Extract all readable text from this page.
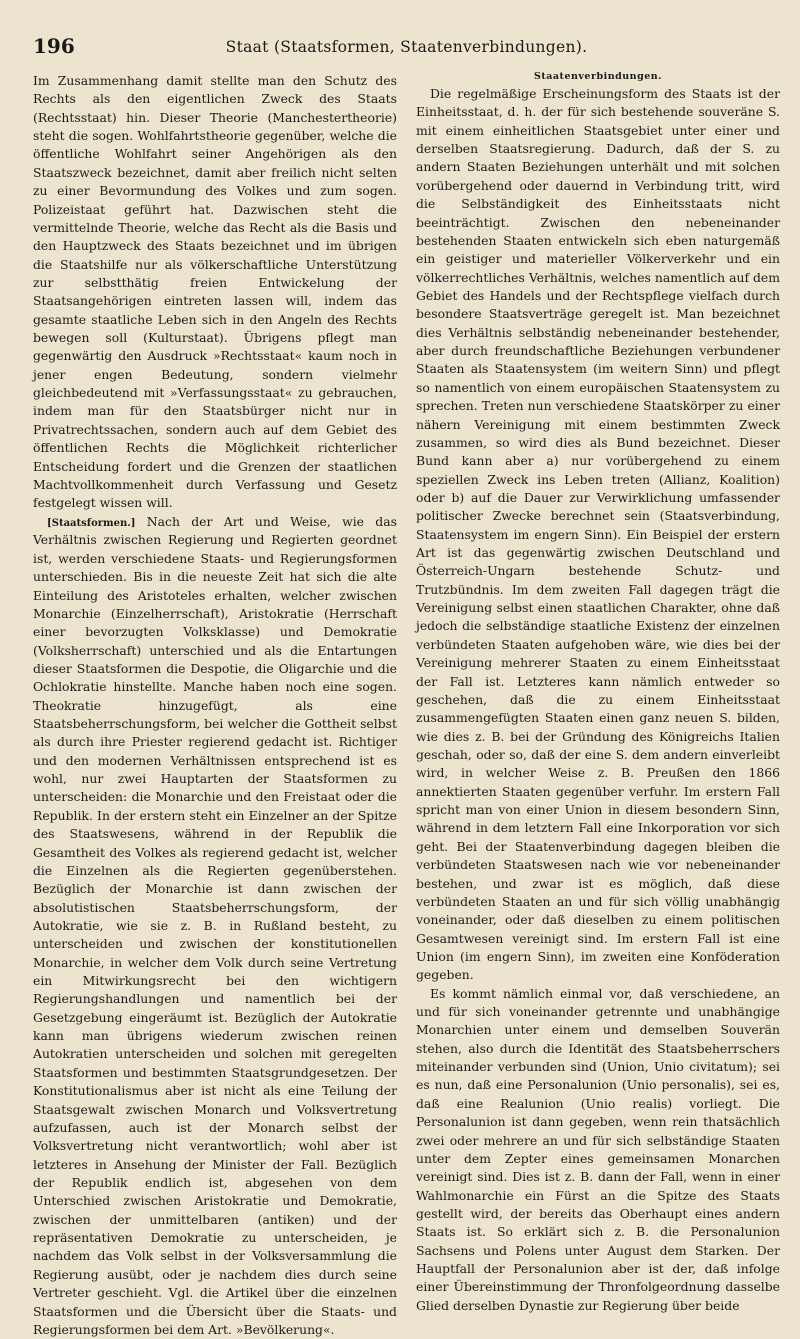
196	Staat (Staatsformen, Staatenverbindungen).

Im Zusammenhang damit stellte man den Schutz des Rechts als den eigentlichen Zweck des Staats (Rechtsstaat) hin. Dieser Theorie (Manchestertheorie) steht die sogen. Wohlfahrtstheorie gegenüber, welche die öffentliche Wohlfahrt seiner Angehörigen als den Staatszweck bezeichnet, damit aber freilich nicht selten zu einer Bevormundung des Volkes und zum sogen. Polizeistaat geführt hat. Dazwischen steht die vermittelnde Theorie, welche das Recht als die Basis und den Hauptzweck des Staats bezeichnet und im übrigen die Staatshilfe nur als völkerschaftliche Unterstützung zur selbstthätig freien Entwickelung der Staatsangehörigen eintreten lassen will, indem das gesamte staatliche Leben sich in den Angeln des Rechts bewegen soll (Kulturstaat). Übrigens pflegt man gegenwärtig den Ausdruck »Rechtsstaat« kaum noch in jener engen Bedeutung, sondern vielmehr gleichbedeutend mit »Verfassungsstaat« zu gebrauchen, indem man für den Staatsbürger nicht nur in Privatrechtssachen, sondern auch auf dem Gebiet des öffentlichen Rechts die Möglichkeit richterlicher Entscheidung fordert und die Grenzen der staatlichen Machtvollkommenheit durch Verfassung und Gesetz festgelegt wissen will.

[Staatsformen.] Nach der Art und Weise, wie das Verhältnis zwischen Regierung und Regierten geordnet ist, werden verschiedene Staats- und Regierungsformen unterschieden. Bis in die neueste Zeit hat sich die alte Einteilung des Aristoteles erhalten, welcher zwischen Monarchie (Einzelherrschaft), Aristokratie (Herrschaft einer bevorzugten Volksklasse) und Demokratie (Volksherrschaft) unterschied und als die Entartungen dieser Staatsformen die Despotie, die Oligarchie und die Ochlokratie hinstellte. Manche haben noch eine sogen. Theokratie hinzugefügt, als eine Staatsbeherrschungsform, bei welcher die Gottheit selbst als durch ihre Priester regierend gedacht ist. Richtiger und den modernen Verhältnissen entsprechend ist es wohl, nur zwei Hauptarten der Staatsformen zu unterscheiden: die Monarchie und den Freistaat oder die Republik. In der erstern steht ein Einzelner an der Spitze des Staatswesens, während in der Republik die Gesamtheit des Volkes als regierend gedacht ist, welcher die Einzelnen als die Regierten gegenüberstehen. Bezüglich der Monarchie ist dann zwischen der absolutistischen Staatsbeherrschungsform, der Autokratie, wie sie z. B. in Rußland besteht, zu unterscheiden und zwischen der konstitutionellen Monarchie, in welcher dem Volk durch seine Vertretung ein Mitwirkungsrecht bei den wichtigern Regierungshandlungen und namentlich bei der Gesetzgebung eingeräumt ist. Bezüglich der Autokratie kann man übrigens wiederum zwischen reinen Autokratien unterscheiden und solchen mit geregelten Staatsformen und bestimmten Staatsgrundgesetzen. Der Konstitutionalismus aber ist nicht als eine Teilung der Staatsgewalt zwischen Monarch und Volksvertretung aufzufassen, auch ist der Monarch selbst der Volksvertretung nicht verantwortlich; wohl aber ist letzteres in Ansehung der Minister der Fall. Bezüglich der Republik endlich ist, abgesehen von dem Unterschied zwischen Aristokratie und Demokratie, zwischen der unmittelbaren (antiken) und der repräsentativen Demokratie zu unterscheiden, je nachdem das Volk selbst in der Volksversammlung die Regierung ausübt, oder je nachdem dies durch seine Vertreter geschieht. Vgl. die Artikel über die einzelnen Staatsformen und die Übersicht über die Staats- und Regierungsformen bei dem Art. »Bevölkerung«.

Staatenverbindungen.

Die regelmäßige Erscheinungsform des Staats ist der Einheitsstaat, d. h. der für sich bestehende souveräne S. mit einem einheitlichen Staatsgebiet unter einer und derselben Staatsregierung. Dadurch, daß der S. zu andern Staaten Beziehungen unterhält und mit solchen vorübergehend oder dauernd in Verbindung tritt, wird die Selbständigkeit des Einheitsstaats nicht beeinträchtigt. Zwischen den nebeneinander bestehenden Staaten entwickeln sich eben naturgemäß ein geistiger und materieller Völkerverkehr und ein völkerrechtliches Verhältnis, welches namentlich auf dem Gebiet des Handels und der Rechtspflege vielfach durch besondere Staatsverträge geregelt ist. Man bezeichnet dies Verhältnis selbständig nebeneinander bestehender, aber durch freundschaftliche Beziehungen verbundener Staaten als Staatensystem (im weitern Sinn) und pflegt so namentlich von einem europäischen Staatensystem zu sprechen. Treten nun verschiedene Staatskörper zu einer nähern Vereinigung mit einem bestimmten Zweck zusammen, so wird dies als Bund bezeichnet. Dieser Bund kann aber a) nur vorübergehend zu einem speziellen Zweck ins Leben treten (Allianz, Koalition) oder b) auf die Dauer zur Verwirklichung umfassender politischer Zwecke berechnet sein (Staatsverbindung, Staatensystem im engern Sinn). Ein Beispiel der erstern Art ist das gegenwärtig zwischen Deutschland und Österreich-Ungarn bestehende Schutz- und Trutzbündnis. Im dem zweiten Fall dagegen trägt die Vereinigung selbst einen staatlichen Charakter, ohne daß jedoch die selbständige staatliche Existenz der einzelnen verbündeten Staaten aufgehoben wäre, wie dies bei der Vereinigung mehrerer Staaten zu einem Einheitsstaat der Fall ist. Letzteres kann nämlich entweder so geschehen, daß die zu einem Einheitsstaat zusammengefügten Staaten einen ganz neuen S. bilden, wie dies z. B. bei der Gründung des Königreichs Italien geschah, oder so, daß der eine S. dem andern einverleibt wird, in welcher Weise z. B. Preußen den 1866 annektierten Staaten gegenüber verfuhr. Im erstern Fall spricht man von einer Union in diesem besondern Sinn, während in dem letztern Fall eine Inkorporation vor sich geht. Bei der Staatenverbindung dagegen bleiben die verbündeten Staatswesen nach wie vor nebeneinander bestehen, und zwar ist es möglich, daß diese verbündeten Staaten an und für sich völlig unabhängig voneinander, oder daß dieselben zu einem politischen Gesamtwesen vereinigt sind. Im erstern Fall ist eine Union (im engern Sinn), im zweiten eine Konföderation gegeben.

Es kommt nämlich einmal vor, daß verschiedene, an und für sich voneinander getrennte und unabhängige Monarchien unter einem und demselben Souverän stehen, also durch die Identität des Staatsbeherrschers miteinander verbunden sind (Union, Unio civitatum); sei es nun, daß eine Personalunion (Unio personalis), sei es, daß eine Realunion (Unio realis) vorliegt. Die Personalunion ist dann gegeben, wenn rein thatsächlich zwei oder mehrere an und für sich selbständige Staaten unter dem Zepter eines gemeinsamen Monarchen vereinigt sind. Dies ist z. B. dann der Fall, wenn in einer Wahlmonarchie ein Fürst an die Spitze des Staats gestellt wird, der bereits das Oberhaupt eines andern Staats ist. So erklärt sich z. B. die Personalunion Sachsens und Polens unter August dem Starken. Der Hauptfall der Personalunion aber ist der, daß infolge einer Übereinstimmung der Thronfolgeordnung dasselbe Glied derselben Dynastie zur Regierung über beide
